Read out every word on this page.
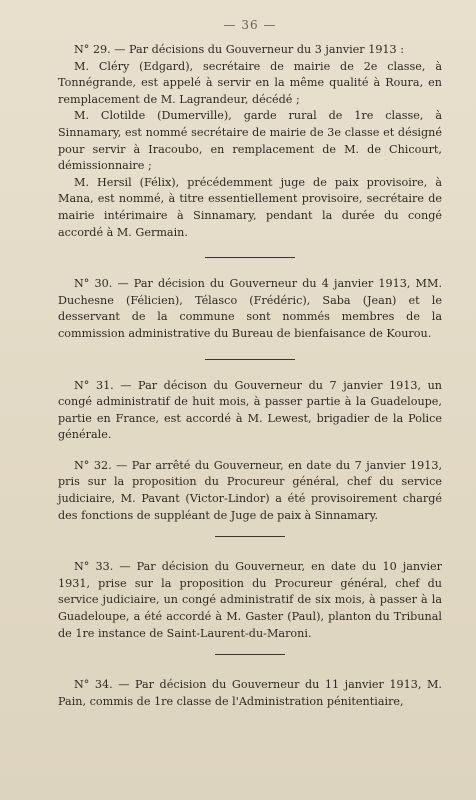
— 36 —

N° 29. — Par décisions du Gouverneur du 3 janvier 1913 :

M. Cléry (Edgard), secrétaire de mairie de 2e classe, à Tonnégrande, est appelé à servir en la même qualité à Roura, en remplacement de M. Lagrandeur, décédé ;

M. Clotilde (Dumerville), garde rural de 1re classe, à Sinnamary, est nommé secrétaire de mairie de 3e classe et désigné pour servir à Iracoubo, en remplacement de M. de Chicourt, démissionnaire ;

M. Hersil (Félix), précédemment juge de paix provisoire, à Mana, est nommé, à titre essentiellement provisoire, secrétaire de mairie intérimaire à Sinnamary, pendant la durée du congé accordé à M. Germain.

N° 30. — Par décision du Gouverneur du 4 janvier 1913, MM. Duchesne (Félicien), Télasco (Frédéric), Saba (Jean) et le desservant de la commune sont nommés membres de la commission administrative du Bureau de bienfaisance de Kourou.

N° 31. — Par décison du Gouverneur du 7 janvier 1913, un congé administratif de huit mois, à passer partie à la Guadeloupe, partie en France, est accordé à M. Lewest, brigadier de la Police générale.

N° 32. — Par arrêté du Gouverneur, en date du 7 janvier 1913, pris sur la proposition du Procureur général, chef du service judiciaire, M. Pavant (Victor-Lindor) a été provisoirement chargé des fonctions de suppléant de Juge de paix à Sinnamary.

N° 33. — Par décision du Gouverneur, en date du 10 janvier 1931, prise sur la proposition du Procureur général, chef du service judiciaire, un congé administratif de six mois, à passer à la Guadeloupe, a été accordé à M. Gaster (Paul), planton du Tribunal de 1re instance de Saint-Laurent-du-Maroni.

N° 34. — Par décision du Gouverneur du 11 janvier 1913, M. Pain, commis de 1re classe de l'Administration pénitentiaire,
